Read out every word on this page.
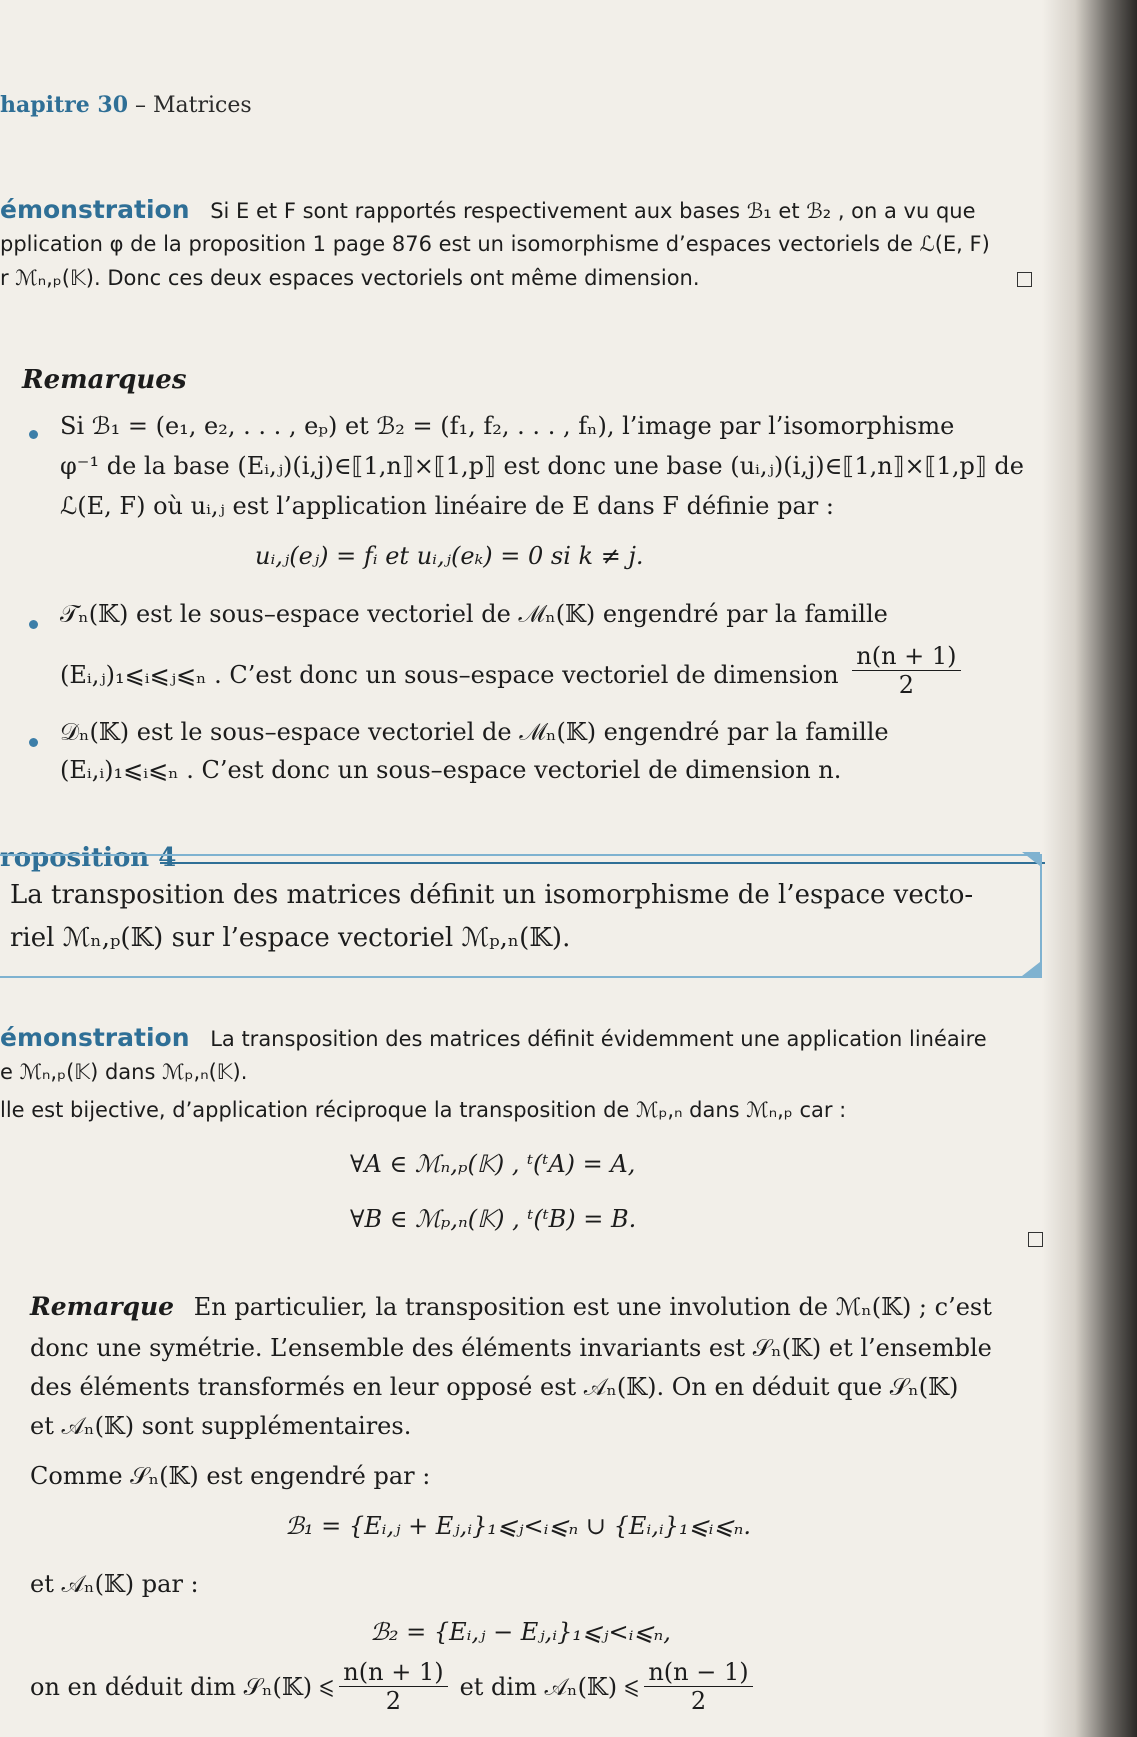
hapitre 30 – Matrices
émonstration Si E et F sont rapportés respectivement aux bases ℬ₁ et ℬ₂ , on a vu que
pplication φ de la proposition 1 page 876 est un isomorphisme d’espaces vectoriels de ℒ(E, F)
r ℳₙ,ₚ(𝕂). Donc ces deux espaces vectoriels ont même dimension.
Remarques
Si ℬ₁ = (e₁, e₂, . . . , eₚ) et ℬ₂ = (f₁, f₂, . . . , fₙ), l’image par l’isomorphisme
φ⁻¹ de la base (Eᵢ,ⱼ)(i,j)∈⟦1,n⟧×⟦1,p⟧ est donc une base (uᵢ,ⱼ)(i,j)∈⟦1,n⟧×⟦1,p⟧ de
ℒ(E, F) où uᵢ,ⱼ est l’application linéaire de E dans F définie par :
uᵢ,ⱼ(eⱼ) = fᵢ et uᵢ,ⱼ(eₖ) = 0 si k ≠ j.
𝒯ₙ(𝕂) est le sous–espace vectoriel de ℳₙ(𝕂) engendré par la famille
(Eᵢ,ⱼ)₁⩽ᵢ⩽ⱼ⩽ₙ . C’est donc un sous–espace vectoriel de dimension $\frac{n(n + 1)}{2}$
𝒟ₙ(𝕂) est le sous–espace vectoriel de ℳₙ(𝕂) engendré par la famille
(Eᵢ,ᵢ)₁⩽ᵢ⩽ₙ . C’est donc un sous–espace vectoriel de dimension n.
roposition 4
La transposition des matrices définit un isomorphisme de l’espace vecto-
riel ℳₙ,ₚ(𝕂) sur l’espace vectoriel ℳₚ,ₙ(𝕂).
émonstration La transposition des matrices définit évidemment une application linéaire
e ℳₙ,ₚ(𝕂) dans ℳₚ,ₙ(𝕂).
lle est bijective, d’application réciproque la transposition de ℳₚ,ₙ dans ℳₙ,ₚ car :
∀A ∈ ℳₙ,ₚ(𝕂) , ᵗ(ᵗA) = A,
∀B ∈ ℳₚ,ₙ(𝕂) , ᵗ(ᵗB) = B.
Remarque En particulier, la transposition est une involution de ℳₙ(𝕂) ; c’est
donc une symétrie. L’ensemble des éléments invariants est 𝒮ₙ(𝕂) et l’ensemble
des éléments transformés en leur opposé est 𝒜ₙ(𝕂). On en déduit que 𝒮ₙ(𝕂)
et 𝒜ₙ(𝕂) sont supplémentaires.
Comme 𝒮ₙ(𝕂) est engendré par :
ℬ₁ = {Eᵢ,ⱼ + Eⱼ,ᵢ}₁⩽ⱼ<ᵢ⩽ₙ ∪ {Eᵢ,ᵢ}₁⩽ᵢ⩽ₙ.
et 𝒜ₙ(𝕂) par :
ℬ₂ = {Eᵢ,ⱼ − Eⱼ,ᵢ}₁⩽ⱼ<ᵢ⩽ₙ,
on en déduit dim 𝒮ₙ(𝕂) ⩽ $\frac{n(n + 1)}{2}$ et dim 𝒜ₙ(𝕂) ⩽ $\frac{n(n - 1)}{2}$
